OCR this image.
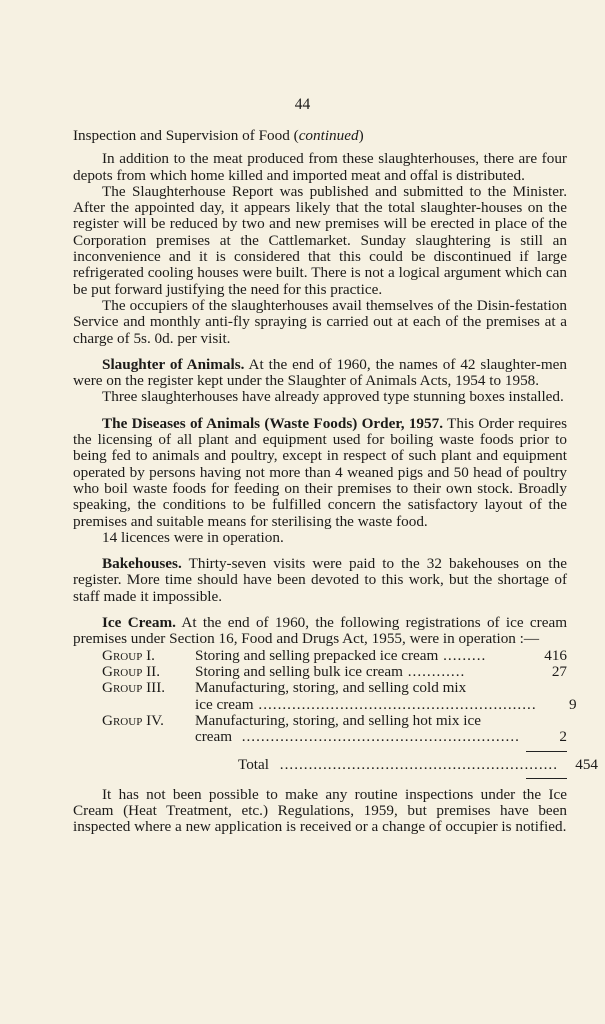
44

Inspection and Supervision of Food (continued)

In addition to the meat produced from these slaughterhouses, there are four depots from which home killed and imported meat and offal is distributed.

The Slaughterhouse Report was published and submitted to the Minister. After the appointed day, it appears likely that the total slaughter-houses on the register will be reduced by two and new premises will be erected in place of the Corporation premises at the Cattlemarket. Sunday slaughtering is still an inconvenience and it is considered that this could be discontinued if large refrigerated cooling houses were built. There is not a logical argument which can be put forward justifying the need for this practice.

The occupiers of the slaughterhouses avail themselves of the Disin-festation Service and monthly anti-fly spraying is carried out at each of the premises at a charge of 5s. 0d. per visit.

Slaughter of Animals. At the end of 1960, the names of 42 slaughter-men were on the register kept under the Slaughter of Animals Acts, 1954 to 1958.

Three slaughterhouses have already approved type stunning boxes installed.

The Diseases of Animals (Waste Foods) Order, 1957. This Order requires the licensing of all plant and equipment used for boiling waste foods prior to being fed to animals and poultry, except in respect of such plant and equipment operated by persons having not more than 4 weaned pigs and 50 head of poultry who boil waste foods for feeding on their premises to their own stock. Broadly speaking, the conditions to be fulfilled concern the satisfactory layout of the premises and suitable means for sterilising the waste food.

14 licences were in operation.

Bakehouses. Thirty-seven visits were paid to the 32 bakehouses on the register. More time should have been devoted to this work, but the shortage of staff made it impossible.

Ice Cream. At the end of 1960, the following registrations of ice cream premises under Section 16, Food and Drugs Act, 1955, were in operation :—

Group I.	Storing and selling prepacked ice cream .........	416
Group II.	Storing and selling bulk ice cream ............	27
Group III.	Manufacturing, storing, and selling cold mix
ice cream ..........................................................	9
Group IV.	Manufacturing, storing, and selling hot mix ice
cream  ..........................................................	2
Total ..........................................................	454

It has not been possible to make any routine inspections under the Ice Cream (Heat Treatment, etc.) Regulations, 1959, but premises have been inspected where a new application is received or a change of occupier is notified.
